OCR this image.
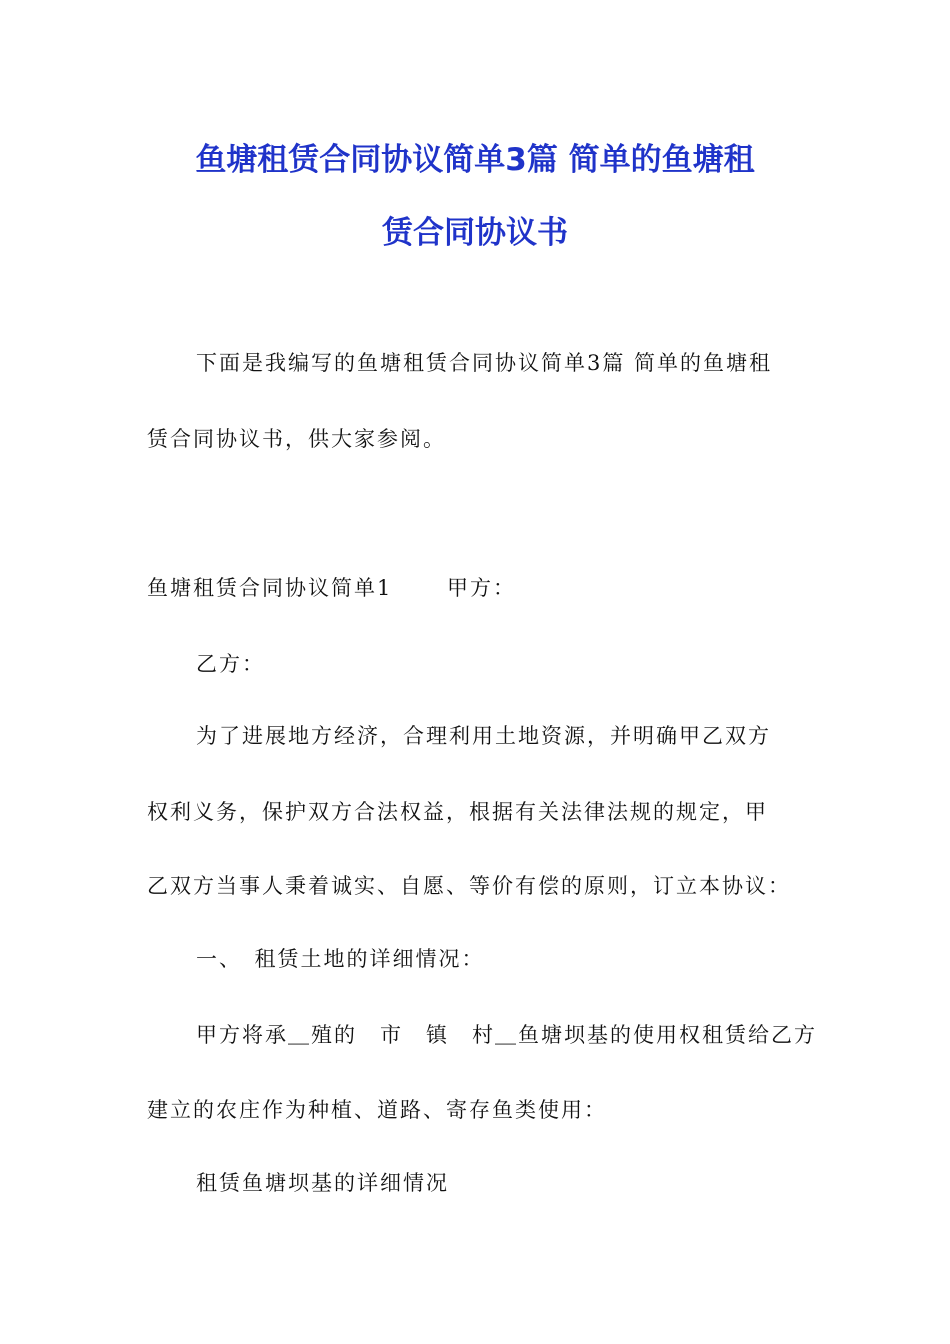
鱼塘租赁合同协议简单3篇 简单的鱼塘租
赁合同协议书

下面是我编写的鱼塘租赁合同协议简单3篇 简单的鱼塘租

赁合同协议书，供大家参阅。

鱼塘租赁合同协议简单1　　 甲方：

乙方：

为了进展地方经济，合理利用土地资源，并明确甲乙双方

权利义务，保护双方合法权益，根据有关法律法规的规定，甲

乙双方当事人秉着诚实、自愿、等价有偿的原则，订立本协议：

一、　租赁土地的详细情况：

甲方将承＿殖的　市　镇　村＿鱼塘坝基的使用权租赁给乙方

建立的农庄作为种植、道路、寄存鱼类使用：

租赁鱼塘坝基的详细情况
